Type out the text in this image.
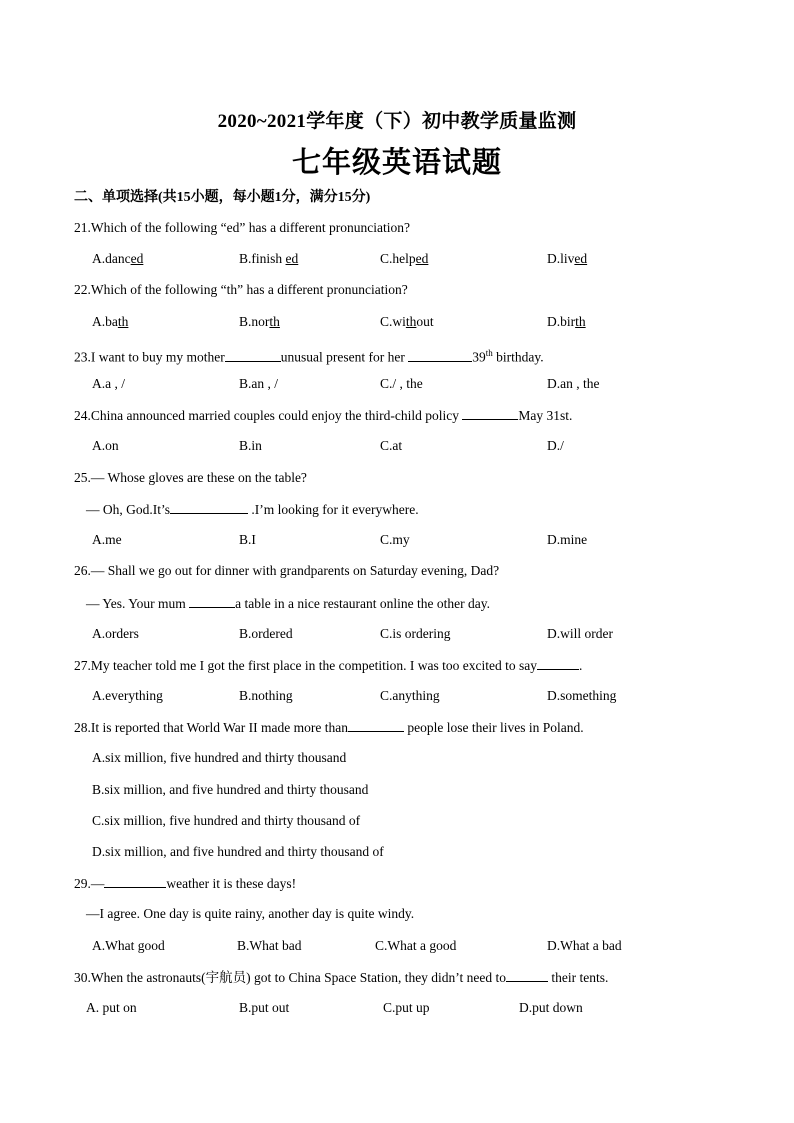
2020~2021学年度（下）初中教学质量监测
七年级英语试题
二、单项选择(共15小题，每小题1分，满分15分)
21.Which of the following “ed” has a different pronunciation?
A.danced	B.finish ed	C.helped	D.lived
22.Which of the following “th” has a different pronunciation?
A.bath	B.north	C.without	D.birth
23.I want to buy my mother	unusual present for her	39th birthday.
A.a , /	B.an , /	C./ , the	D.an , the
24.China announced married couples could enjoy the third-child policy	May 31st.
A.on	B.in	C.at	D./
25.— Whose gloves are these on the table?
— Oh, God.It’s	.I’m looking for it everywhere.
A.me	B.I	C.my	D.mine
26.— Shall we go out for dinner with grandparents on Saturday evening, Dad?
— Yes. Your mum	a table in a nice restaurant online the other day.
A.orders	B.ordered	C.is ordering	D.will order
27.My teacher told me I got the first place in the competition. I was too excited to say	.
A.everything	B.nothing	C.anything	D.something
28.It is reported that World War II made more than	people lose their lives in Poland.
A.six million, five hundred and thirty thousand
B.six million, and five hundred and thirty thousand
C.six million, five hundred and thirty thousand of
D.six million, and five hundred and thirty thousand of
29.—	weather it is these days!
—I agree. One day is quite rainy, another day is quite windy.
A.What good	B.What bad	C.What a good	D.What a bad
30.When the astronauts(宇航员) got to China Space Station, they didn’t need to	their tents.
A. put on	B.put out	C.put up	D.put down
